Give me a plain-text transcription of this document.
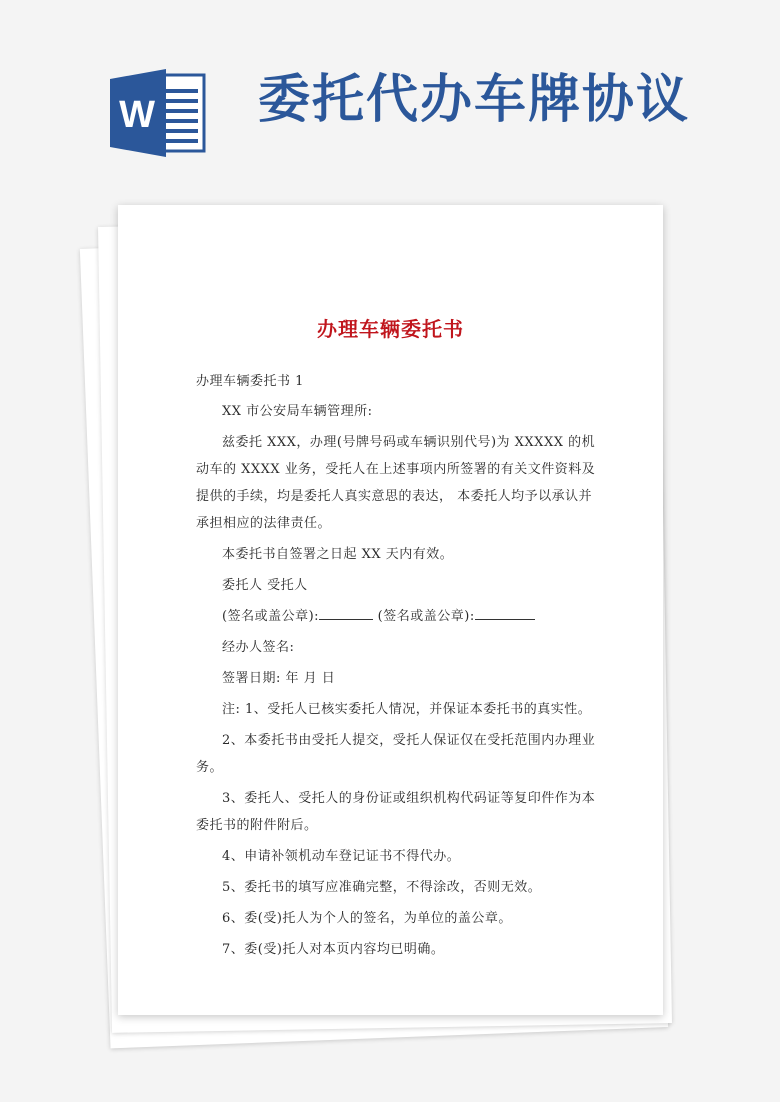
W 委托代办车牌协议
办理车辆委托书

办理车辆委托书 1

XX 市公安局车辆管理所:

兹委托 XXX，办理(号牌号码或车辆识别代号)为 XXXXX 的机动车的 XXXX 业务，受托人在上述事项内所签署的有关文件资料及提供的手续，均是委托人真实意思的表达， 本委托人均予以承认并承担相应的法律责任。

本委托书自签署之日起 XX 天内有效。

委托人 受托人

(签名或盖公章):	(签名或盖公章):

经办人签名:

签署日期: 年 月 日

注: 1、受托人已核实委托人情况，并保证本委托书的真实性。

2、本委托书由受托人提交，受托人保证仅在受托范围内办理业务。

3、委托人、受托人的身份证或组织机构代码证等复印件作为本委托书的附件附后。

4、申请补领机动车登记证书不得代办。

5、委托书的填写应准确完整，不得涂改，否则无效。

6、委(受)托人为个人的签名，为单位的盖公章。

7、委(受)托人对本页内容均已明确。
